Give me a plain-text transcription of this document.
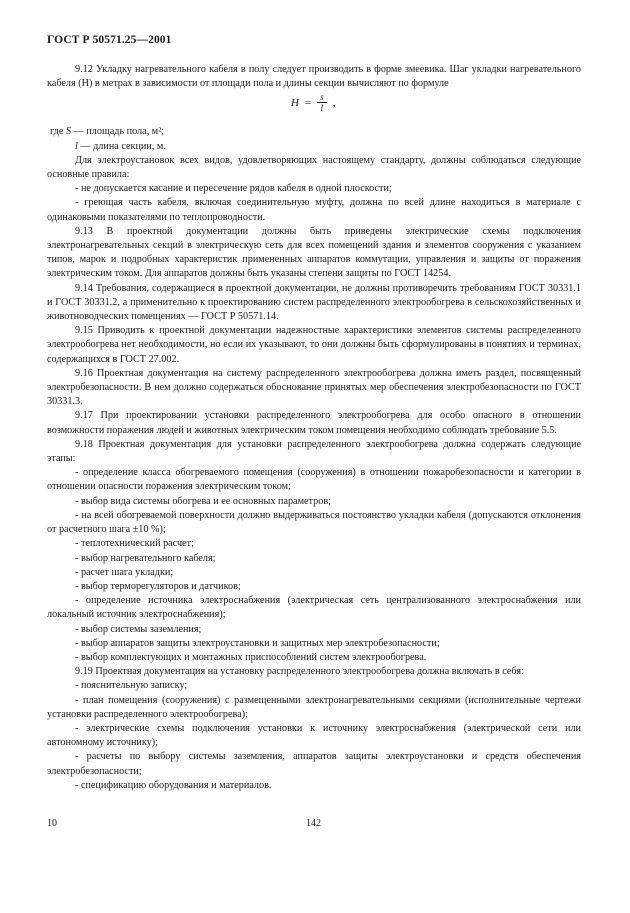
ГОСТ Р 50571.25—2001

9.12 Укладку нагревательного кабеля в полу следует производить в форме змеевика. Шаг укладки нагревательного кабеля (H) в метрах в зависимости от площади пола и длины секции вычисляют по формуле

$H = \frac{s}{l}$ ,

где S — площадь пола, м²;

l — длина секции, м.

Для электроустановок всех видов, удовлетворяющих настоящему стандарту, должны соблюдаться следующие основные правила:

- не допускается касание и пересечение рядов кабеля в одной плоскости;

- греющая часть кабеля, включая соединительную муфту, должна по всей длине находиться в материале с одинаковыми показателями по теплопроводности.

9.13 В проектной документации должны быть приведены электрические схемы подключения электронагревательных секций в электрическую сеть для всех помещений здания и элементов сооружения с указанием типов, марок и подробных характеристик примененных аппаратов коммутации, управления и защиты от поражения электрическим током. Для аппаратов должны быть указаны степени защиты по ГОСТ 14254.

9.14 Требования, содержащиеся в проектной документации, не должны противоречить требованиям ГОСТ 30331.1 и ГОСТ 30331.2, а применительно к проектированию систем распределенного электрообогрева в сельскохозяйственных и животноводческих помещениях — ГОСТ Р 50571.14.

9.15 Приводить к проектной документации надежностные характеристики элементов системы распределенного электрообогрева нет необходимости, но если их указывают, то они должны быть сформулированы в понятиях и терминах, содержащихся в ГОСТ 27.002.

9.16 Проектная документация на систему распределенного электрообогрева должна иметь раздел, посвященный электробезопасности. В нем должно содержаться обоснование принятых мер обеспечения электробезопасности по ГОСТ 30331.3.

9.17 При проектировании установки распределенного электрообогрева для особо опасного в отношении возможности поражения людей и животных электрическим током помещения необходимо соблюдать требование 5.5.

9.18 Проектная документация для установки распределенного электрообогрева должна содержать следующие этапы:

- определение класса обогреваемого помещения (сооружения) в отношении пожаробезопасности и категории в отношении опасности поражения электрическим током;

- выбор вида системы обогрева и ее основных параметров;

- на всей обогреваемой поверхности должно выдерживаться постоянство укладки кабеля (допускаются отклонения от расчетного шага ±10 %);

- теплотехнический расчет;

- выбор нагревательного кабеля;

- расчет шага укладки;

- выбор терморегуляторов и датчиков;

- определение источника электроснабжения (электрическая сеть централизованного электроснабжения или локальный источник электроснабжения);

- выбор системы заземления;

- выбор аппаратов защиты электроустановки и защитных мер электробезопасности;

- выбор комплектующих и монтажных приспособлений систем электрообогрева.

9.19 Проектная документация на установку распределенного электрообогрева должна включать в себя:

- пояснительную записку;

- план помещения (сооружения) с размещенными электронагревательными секциями (исполнительные чертежи установки распределенного электрообогрева);

- электрические схемы подключения установки к источнику электроснабжения (электрической сети или автономному источнику);

- расчеты по выбору системы заземления, аппаратов защиты электроустановки и средств обеспечения электробезопасности;

- спецификацию оборудования и материалов.

10	142
